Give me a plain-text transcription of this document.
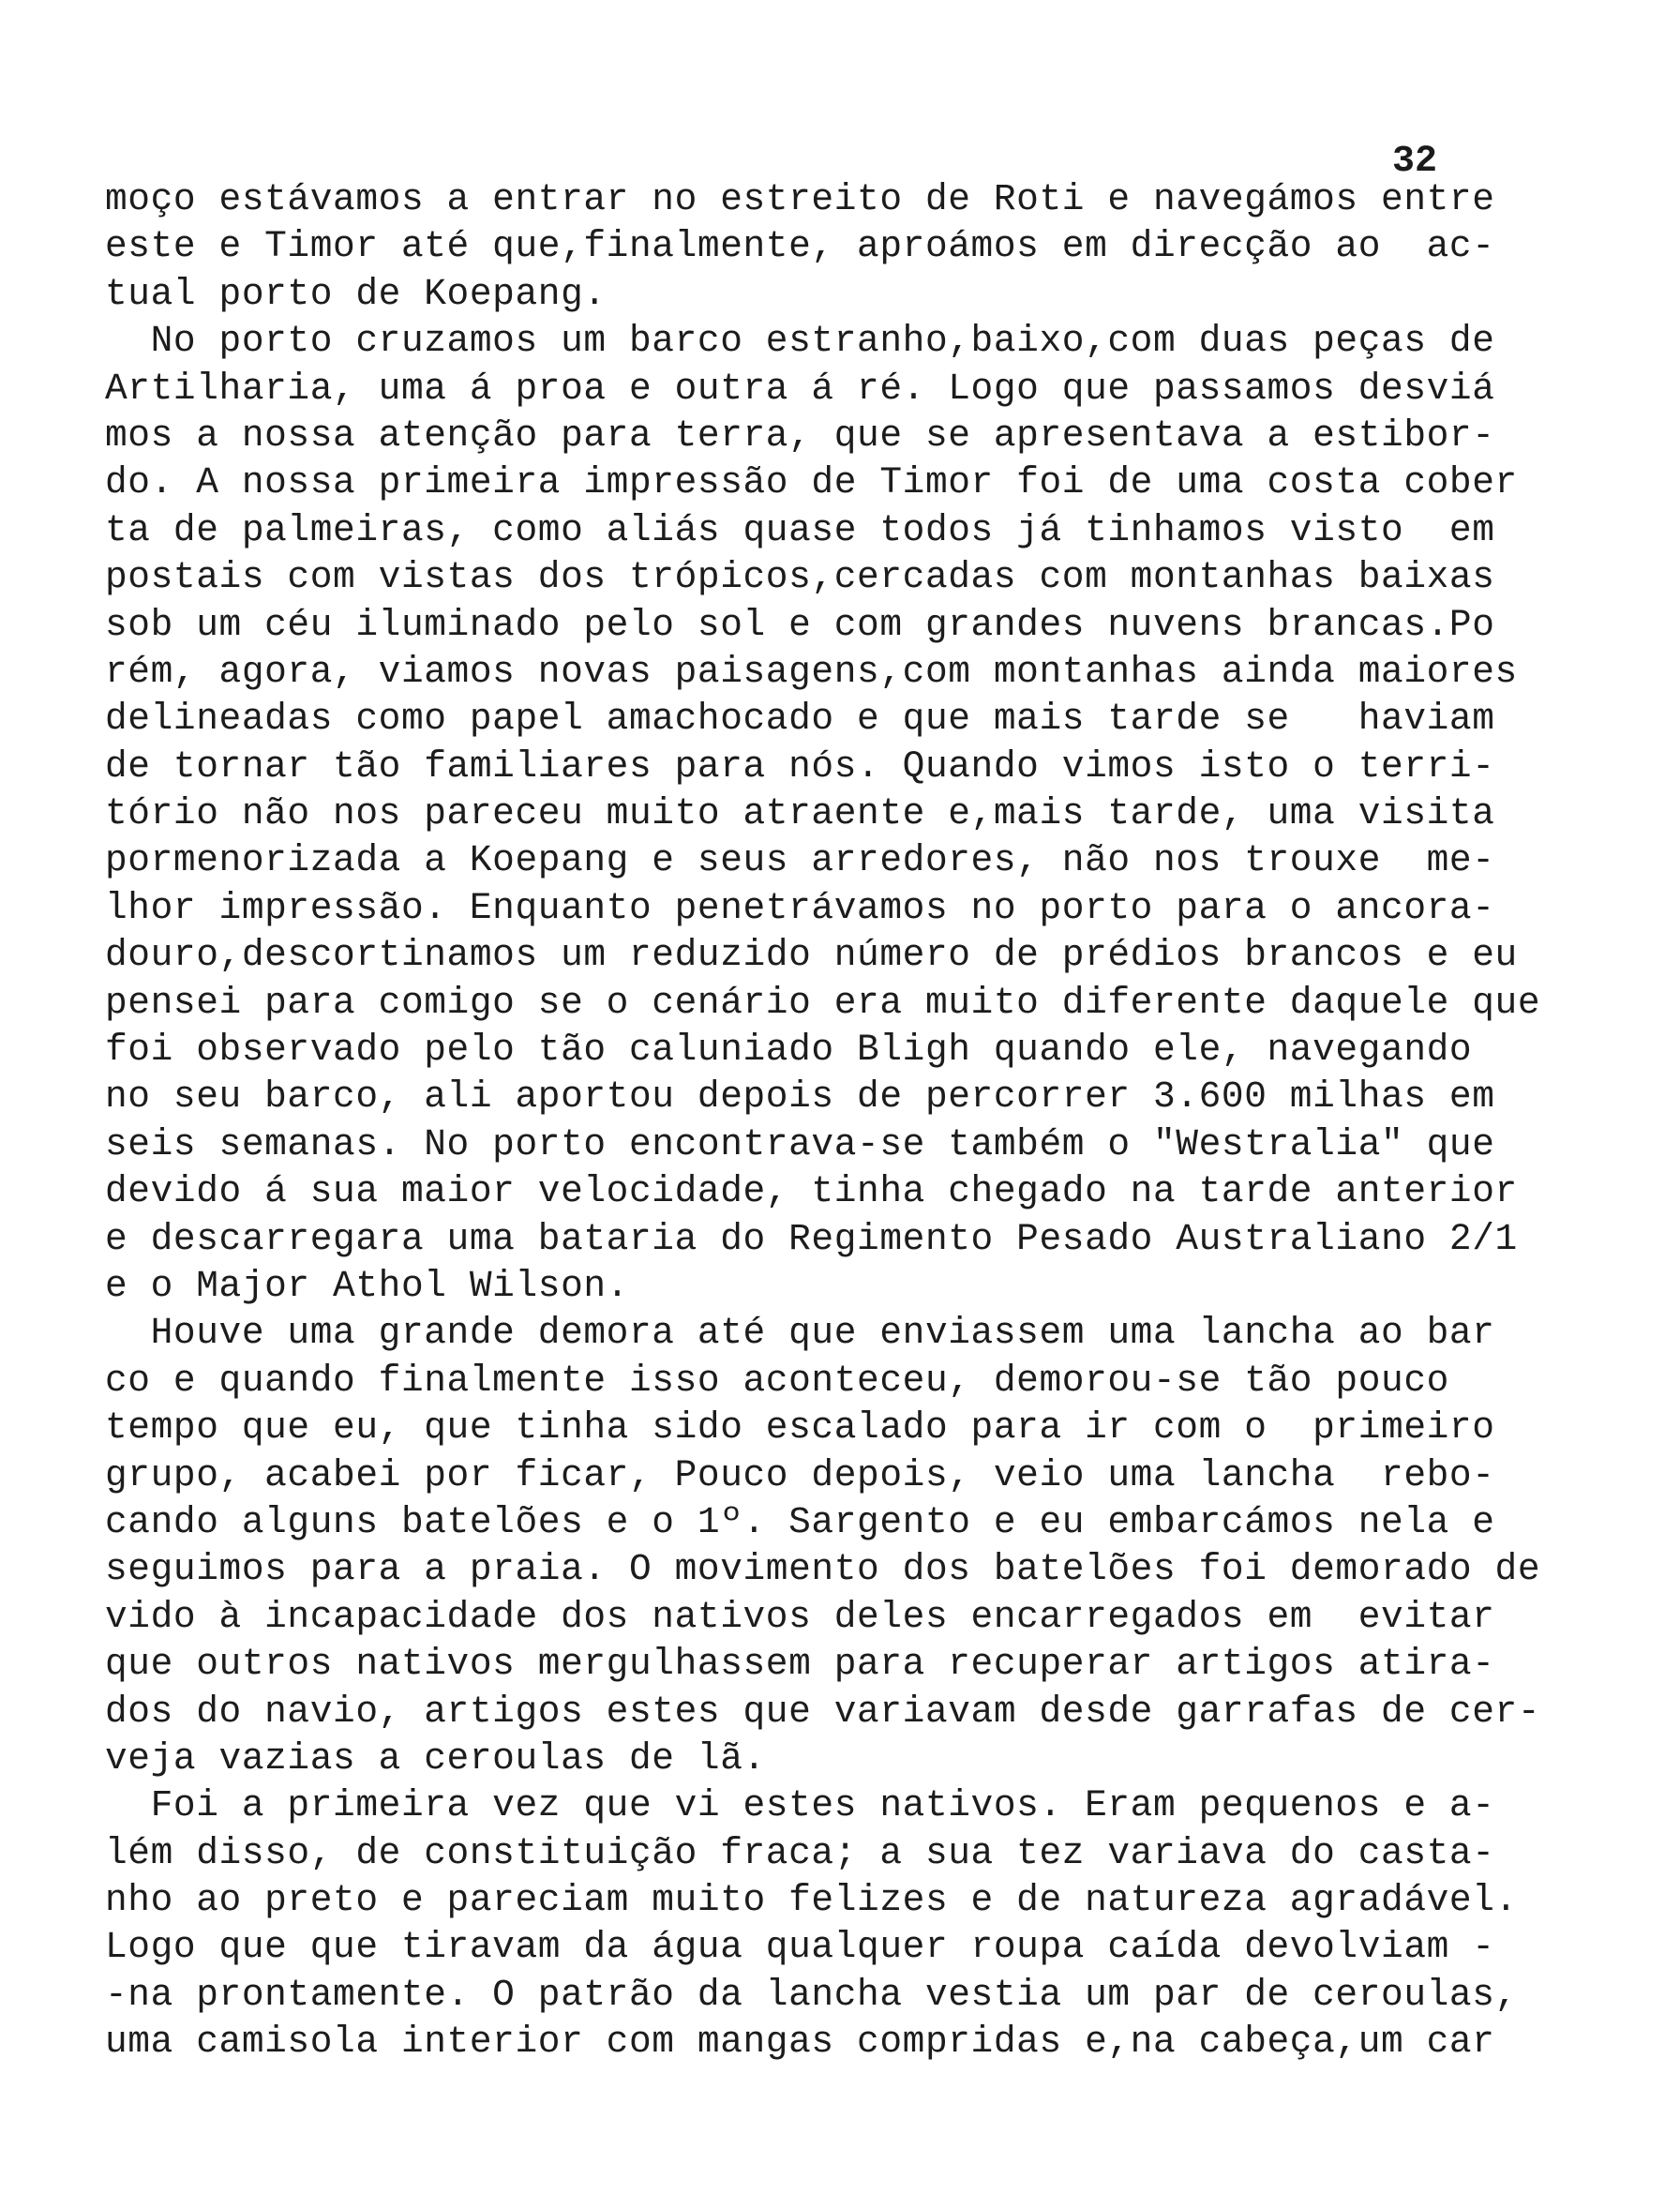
32
moço estávamos a entrar no estreito de Roti e navegámos entre
este e Timor até que,finalmente, aproámos em direcção ao  ac-
tual porto de Koepang.
No porto cruzamos um barco estranho,baixo,com duas peças de
Artilharia, uma á proa e outra á ré. Logo que passamos desviá
mos a nossa atenção para terra, que se apresentava a estibor-
do. A nossa primeira impressão de Timor foi de uma costa cober
ta de palmeiras, como aliás quase todos já tinhamos visto  em
postais com vistas dos trópicos,cercadas com montanhas baixas
sob um céu iluminado pelo sol e com grandes nuvens brancas.Po
rém, agora, viamos novas paisagens,com montanhas ainda maiores
delineadas como papel amachocado e que mais tarde se   haviam
de tornar tão familiares para nós. Quando vimos isto o terri-
tório não nos pareceu muito atraente e,mais tarde, uma visita
pormenorizada a Koepang e seus arredores, não nos trouxe  me-
lhor impressão. Enquanto penetrávamos no porto para o ancora-
douro,descortinamos um reduzido número de prédios brancos e eu
pensei para comigo se o cenário era muito diferente daquele que
foi observado pelo tão caluniado Bligh quando ele, navegando
no seu barco, ali aportou depois de percorrer 3.600 milhas em
seis semanas. No porto encontrava-se também o "Westralia" que
devido á sua maior velocidade, tinha chegado na tarde anterior
e descarregara uma bataria do Regimento Pesado Australiano 2/1
e o Major Athol Wilson.
Houve uma grande demora até que enviassem uma lancha ao bar
co e quando finalmente isso aconteceu, demorou-se tão pouco
tempo que eu, que tinha sido escalado para ir com o  primeiro
grupo, acabei por ficar, Pouco depois, veio uma lancha  rebo-
cando alguns batelões e o 1º. Sargento e eu embarcámos nela e
seguimos para a praia. O movimento dos batelões foi demorado de
vido à incapacidade dos nativos deles encarregados em  evitar
que outros nativos mergulhassem para recuperar artigos atira-
dos do navio, artigos estes que variavam desde garrafas de cer-
veja vazias a ceroulas de lã.
Foi a primeira vez que vi estes nativos. Eram pequenos e a-
lém disso, de constituição fraca; a sua tez variava do casta-
nho ao preto e pareciam muito felizes e de natureza agradável.
Logo que que tiravam da água qualquer roupa caída devolviam -
-na prontamente. O patrão da lancha vestia um par de ceroulas,
uma camisola interior com mangas compridas e,na cabeça,um car
